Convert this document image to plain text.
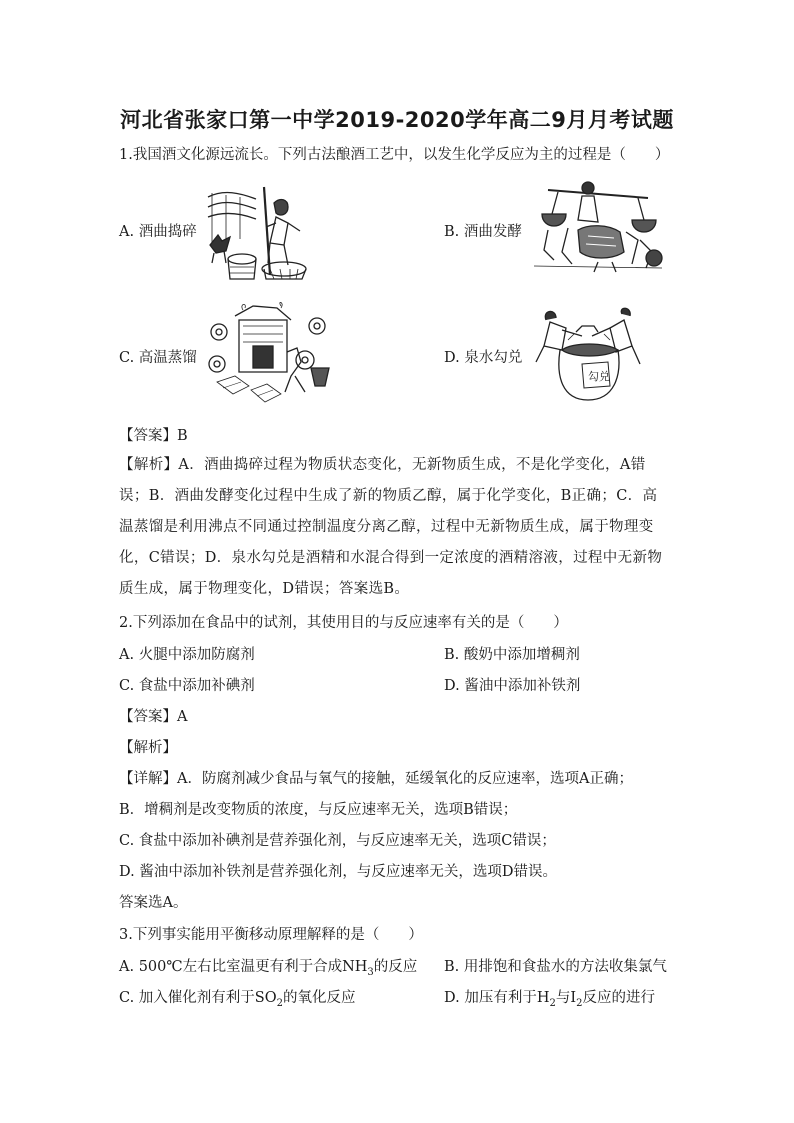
河北省张家口第一中学2019-2020学年高二9月月考试题
1.我国酒文化源远流长。下列古法酿酒工艺中，以发生化学反应为主的过程是（　　）
A. 酒曲捣碎	B. 酒曲发酵
C. 高温蒸馏	D. 泉水勾兑
勾兑
【答案】B
【解析】A．酒曲捣碎过程为物质状态变化，无新物质生成，不是化学变化，A错误；B．酒曲发酵变化过程中生成了新的物质乙醇，属于化学变化，B正确；C．高温蒸馏是利用沸点不同通过控制温度分离乙醇，过程中无新物质生成，属于物理变化，C错误；D．泉水勾兑是酒精和水混合得到一定浓度的酒精溶液，过程中无新物质生成，属于物理变化，D错误；答案选B。
2.下列添加在食品中的试剂，其使用目的与反应速率有关的是（　　）
A. 火腿中添加防腐剂	B. 酸奶中添加增稠剂
C. 食盐中添加补碘剂	D. 酱油中添加补铁剂
【答案】A
【解析】
【详解】A．防腐剂减少食品与氧气的接触，延缓氧化的反应速率，选项A正确；
B．增稠剂是改变物质的浓度，与反应速率无关，选项B错误；
C. 食盐中添加补碘剂是营养强化剂，与反应速率无关，选项C错误；
D. 酱油中添加补铁剂是营养强化剂，与反应速率无关，选项D错误。
答案选A。
3.下列事实能用平衡移动原理解释的是（　　）
A. 500℃左右比室温更有利于合成$NH_3$的反应 B. 用排饱和食盐水的方法收集氯气
C. 加入催化剂有利于$SO_2$的氧化反应	D. 加压有利于$H_2$与$I_2$反应的进行
